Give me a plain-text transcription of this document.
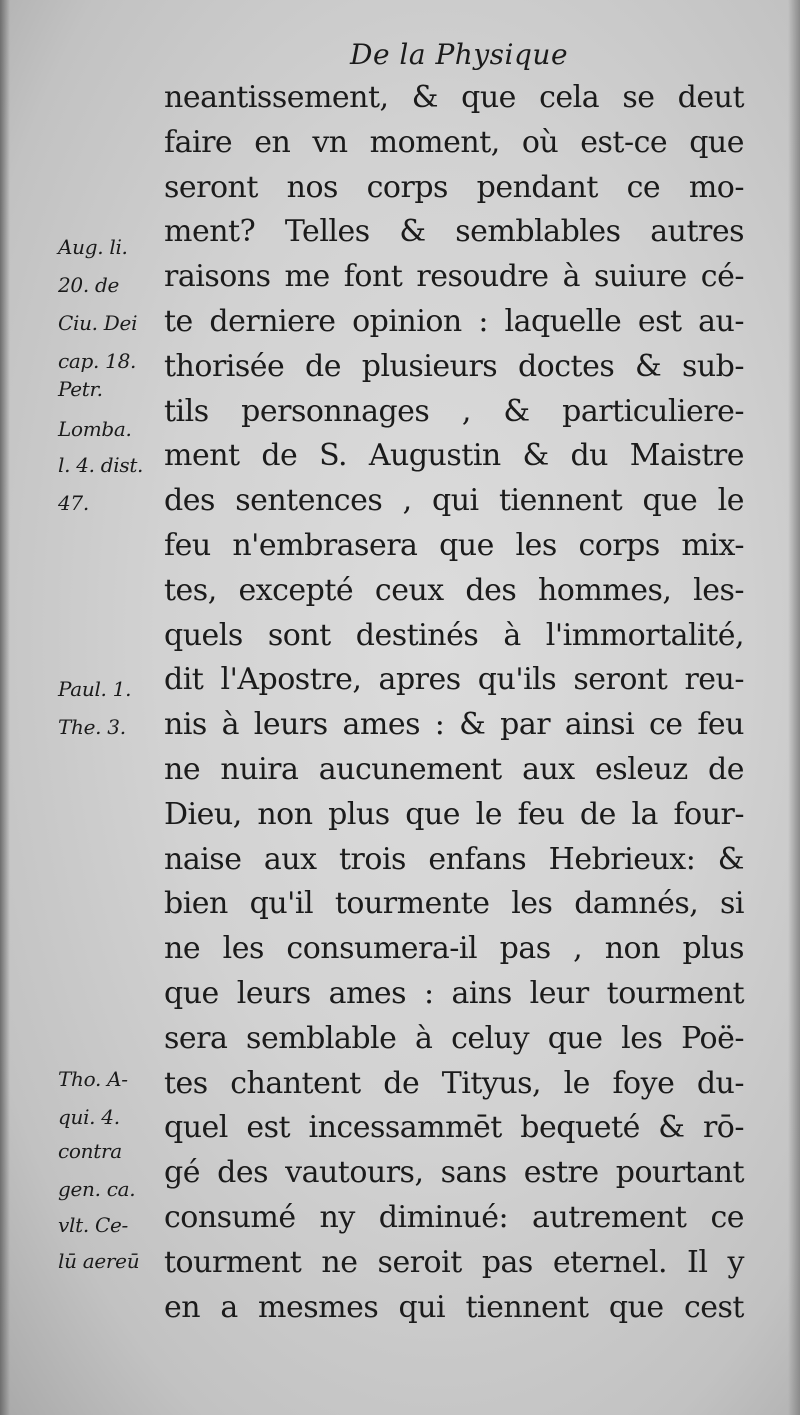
De la Physique
neantissement, & que cela se deut
faire en vn moment, où est-ce que
seront nos corps pendant ce mo-
ment? Telles & semblables autres
raisons me font resoudre à suiure cé-
te derniere opinion : laquelle est au-
thorisée de plusieurs doctes & sub-
tils personnages , & particuliere-
ment de S. Augustin & du Maistre
des sentences , qui tiennent que le
feu n'embrasera que les corps mix-
tes, excepté ceux des hommes, les-
quels sont destinés à l'immortalité,
dit l'Apostre, apres qu'ils seront reu-
nis à leurs ames : & par ainsi ce feu
ne nuira aucunement aux esleuz de
Dieu, non plus que le feu de la four-
naise aux trois enfans Hebrieux: &
bien qu'il tourmente les damnés, si
ne les consumera-il pas , non plus
que leurs ames : ains leur tourment
sera semblable à celuy que les Poë-
tes chantent de Tityus, le foye du-
quel est incessammēt bequeté & rō-
gé des vautours, sans estre pourtant
consumé ny diminué: autrement ce
tourment ne seroit pas eternel. Il y
en a mesmes qui tiennent que cest
Aug. li.
20. de
Ciu. Dei
cap. 18.
Petr.
Lomba.
l. 4. dist.
47.
Paul. 1.
The. 3.
Tho. A-
qui. 4.
contra
gen. ca.
vlt. Ce-
lū aereū
